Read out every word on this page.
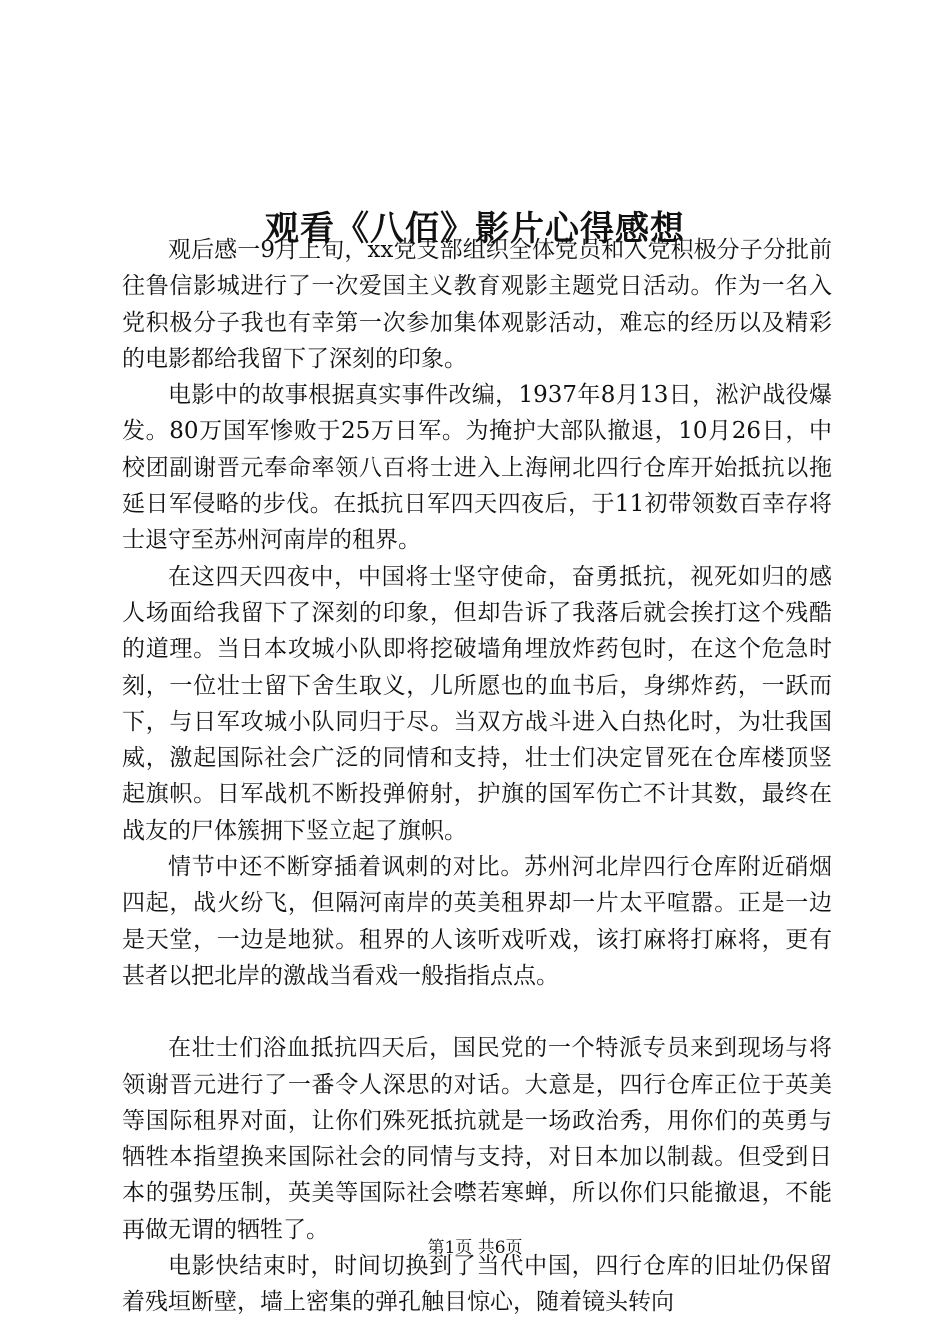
观看《八佰》影片心得感想

观后感一9月上旬，xx党支部组织全体党员和入党积极分子分批前往鲁信影城进行了一次爱国主义教育观影主题党日活动。作为一名入党积极分子我也有幸第一次参加集体观影活动，难忘的经历以及精彩的电影都给我留下了深刻的印象。

电影中的故事根据真实事件改编，1937年8月13日，淞沪战役爆发。80万国军惨败于25万日军。为掩护大部队撤退，10月26日，中校团副谢晋元奉命率领八百将士进入上海闸北四行仓库开始抵抗以拖延日军侵略的步伐。在抵抗日军四天四夜后，于11初带领数百幸存将士退守至苏州河南岸的租界。

在这四天四夜中，中国将士坚守使命，奋勇抵抗，视死如归的感人场面给我留下了深刻的印象，但却告诉了我落后就会挨打这个残酷的道理。当日本攻城小队即将挖破墙角埋放炸药包时，在这个危急时刻，一位壮士留下舍生取义，儿所愿也的血书后，身绑炸药，一跃而下，与日军攻城小队同归于尽。当双方战斗进入白热化时，为壮我国威，激起国际社会广泛的同情和支持，壮士们决定冒死在仓库楼顶竖起旗帜。日军战机不断投弹俯射，护旗的国军伤亡不计其数，最终在战友的尸体簇拥下竖立起了旗帜。

情节中还不断穿插着讽刺的对比。苏州河北岸四行仓库附近硝烟四起，战火纷飞，但隔河南岸的英美租界却一片太平喧嚣。正是一边是天堂，一边是地狱。租界的人该听戏听戏，该打麻将打麻将，更有甚者以把北岸的激战当看戏一般指指点点。

在壮士们浴血抵抗四天后，国民党的一个特派专员来到现场与将领谢晋元进行了一番令人深思的对话。大意是，四行仓库正位于英美等国际租界对面，让你们殊死抵抗就是一场政治秀，用你们的英勇与牺牲本指望换来国际社会的同情与支持，对日本加以制裁。但受到日本的强势压制，英美等国际社会噤若寒蝉，所以你们只能撤退，不能再做无谓的牺牲了。

电影快结束时，时间切换到了当代中国，四行仓库的旧址仍保留着残垣断壁，墙上密集的弹孔触目惊心，随着镜头转向

第1页 共6页
